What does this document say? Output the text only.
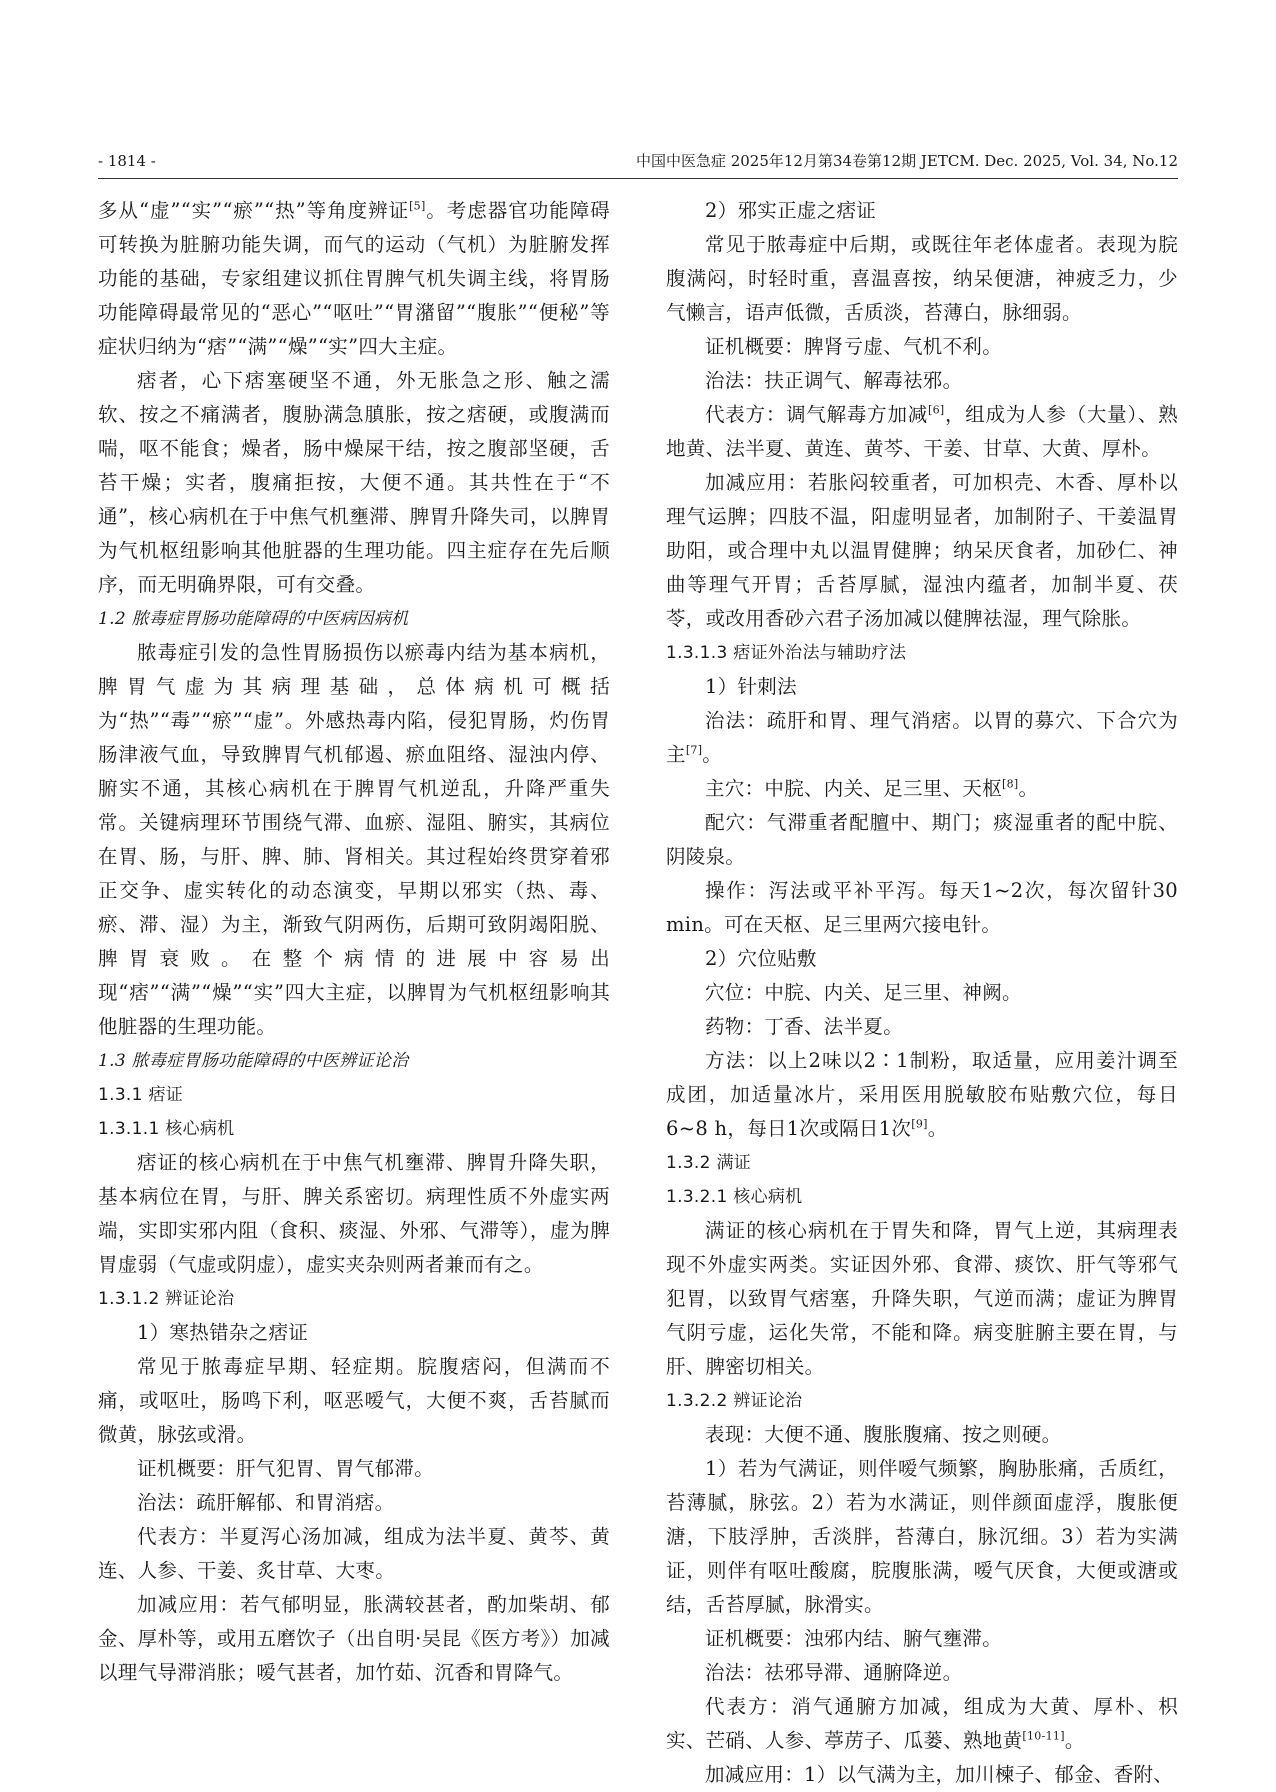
- 1814 -	中国中医急症 2025年12月第34卷第12期 JETCM. Dec. 2025, Vol. 34, No.12

多从“虚”“实”“瘀”“热”等角度辨证[5]。考虑器官功能障碍可转换为脏腑功能失调，而气的运动（气机）为脏腑发挥功能的基础，专家组建议抓住胃脾气机失调主线，将胃肠功能障碍最常见的“恶心”“呕吐”“胃潴留”“腹胀”“便秘”等症状归纳为“痞”“满”“燥”“实”四大主症。

痞者，心下痞塞硬坚不通，外无胀急之形、触之濡软、按之不痛满者，腹胁满急䐜胀，按之痞硬，或腹满而喘，呕不能食；燥者，肠中燥屎干结，按之腹部坚硬，舌苔干燥；实者，腹痛拒按，大便不通。其共性在于“不通”，核心病机在于中焦气机壅滞、脾胃升降失司，以脾胃为气机枢纽影响其他脏器的生理功能。四主症存在先后顺序，而无明确界限，可有交叠。

1.2 脓毒症胃肠功能障碍的中医病因病机

脓毒症引发的急性胃肠损伤以瘀毒内结为基本病机，脾胃气虚为其病理基础，总体病机可概括为“热”“毒”“瘀”“虚”。外感热毒内陷，侵犯胃肠，灼伤胃肠津液气血，导致脾胃气机郁遏、瘀血阻络、湿浊内停、腑实不通，其核心病机在于脾胃气机逆乱，升降严重失常。关键病理环节围绕气滞、血瘀、湿阻、腑实，其病位在胃、肠，与肝、脾、肺、肾相关。其过程始终贯穿着邪正交争、虚实转化的动态演变，早期以邪实（热、毒、瘀、滞、湿）为主，渐致气阴两伤，后期可致阴竭阳脱、脾胃衰败。在整个病情的进展中容易出现“痞”“满”“燥”“实”四大主症，以脾胃为气机枢纽影响其他脏器的生理功能。

1.3 脓毒症胃肠功能障碍的中医辨证论治

1.3.1 痞证

1.3.1.1 核心病机

痞证的核心病机在于中焦气机壅滞、脾胃升降失职，基本病位在胃，与肝、脾关系密切。病理性质不外虚实两端，实即实邪内阻（食积、痰湿、外邪、气滞等），虚为脾胃虚弱（气虚或阴虚），虚实夹杂则两者兼而有之。

1.3.1.2 辨证论治

1）寒热错杂之痞证

常见于脓毒症早期、轻症期。脘腹痞闷，但满而不痛，或呕吐，肠鸣下利，呕恶嗳气，大便不爽，舌苔腻而微黄，脉弦或滑。

证机概要：肝气犯胃、胃气郁滞。

治法：疏肝解郁、和胃消痞。

代表方：半夏泻心汤加减，组成为法半夏、黄芩、黄连、人参、干姜、炙甘草、大枣。

加减应用：若气郁明显，胀满较甚者，酌加柴胡、郁金、厚朴等，或用五磨饮子（出自明·吴昆《医方考》）加减以理气导滞消胀；嗳气甚者，加竹茹、沉香和胃降气。

2）邪实正虚之痞证

常见于脓毒症中后期，或既往年老体虚者。表现为脘腹满闷，时轻时重，喜温喜按，纳呆便溏，神疲乏力，少气懒言，语声低微，舌质淡，苔薄白，脉细弱。

证机概要：脾肾亏虚、气机不利。

治法：扶正调气、解毒祛邪。

代表方：调气解毒方加减[6]，组成为人参（大量）、熟地黄、法半夏、黄连、黄芩、干姜、甘草、大黄、厚朴。

加减应用：若胀闷较重者，可加枳壳、木香、厚朴以理气运脾；四肢不温，阳虚明显者，加制附子、干姜温胃助阳，或合理中丸以温胃健脾；纳呆厌食者，加砂仁、神曲等理气开胃；舌苔厚腻，湿浊内蕴者，加制半夏、茯苓，或改用香砂六君子汤加减以健脾祛湿，理气除胀。

1.3.1.3 痞证外治法与辅助疗法

1）针刺法

治法：疏肝和胃、理气消痞。以胃的募穴、下合穴为主[7]。

主穴：中脘、内关、足三里、天枢[8]。

配穴：气滞重者配膻中、期门；痰湿重者的配中脘、阴陵泉。

操作：泻法或平补平泻。每天1~2次，每次留针30 min。可在天枢、足三里两穴接电针。

2）穴位贴敷

穴位：中脘、内关、足三里、神阙。

药物：丁香、法半夏。

方法：以上2味以2∶1制粉，取适量，应用姜汁调至成团，加适量冰片，采用医用脱敏胶布贴敷穴位，每日6~8 h，每日1次或隔日1次[9]。

1.3.2 满证

1.3.2.1 核心病机

满证的核心病机在于胃失和降，胃气上逆，其病理表现不外虚实两类。实证因外邪、食滞、痰饮、肝气等邪气犯胃，以致胃气痞塞，升降失职，气逆而满；虚证为脾胃气阴亏虚，运化失常，不能和降。病变脏腑主要在胃，与肝、脾密切相关。

1.3.2.2 辨证论治

表现：大便不通、腹胀腹痛、按之则硬。

1）若为气满证，则伴嗳气频繁，胸胁胀痛，舌质红，苔薄腻，脉弦。2）若为水满证，则伴颜面虚浮，腹胀便溏，下肢浮肿，舌淡胖，苔薄白，脉沉细。3）若为实满证，则伴有呕吐酸腐，脘腹胀满，嗳气厌食，大便或溏或结，舌苔厚腻，脉滑实。

证机概要：浊邪内结、腑气壅滞。

治法：祛邪导滞、通腑降逆。

代表方：消气通腑方加减，组成为大黄、厚朴、枳实、芒硝、人参、葶苈子、瓜蒌、熟地黄[10-11]。

加减应用：1）以气满为主，加川楝子、郁金、香附、
